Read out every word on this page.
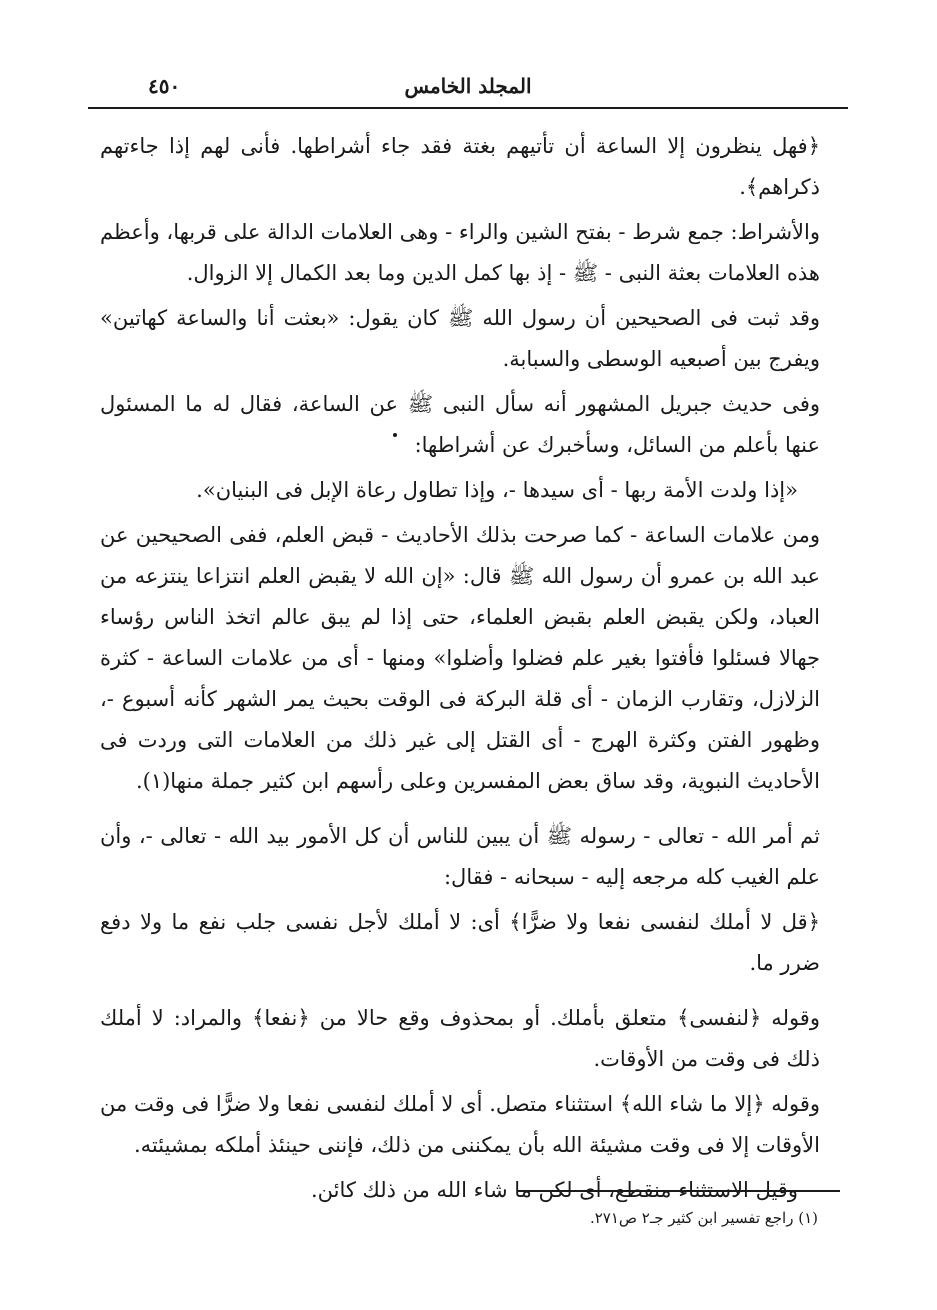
المجلد الخامس
٤٥٠

﴿فهل ينظرون إلا الساعة أن تأتيهم بغتة فقد جاء أشراطها. فأنى لهم إذا جاءتهم ذكراهم﴾.

والأشراط: جمع شرط - بفتح الشين والراء - وهى العلامات الدالة على قربها، وأعظم هذه العلامات بعثة النبى - ﷺ - إذ بها كمل الدين وما بعد الكمال إلا الزوال.

وقد ثبت فى الصحيحين أن رسول الله ﷺ كان يقول: «بعثت أنا والساعة كهاتين» ويفرج بين أصبعيه الوسطى والسبابة.

وفى حديث جبريل المشهور أنه سأل النبى ﷺ عن الساعة، فقال له ما المسئول عنها بأعلم من السائل، وسأخبرك عن أشراطها:

«إذا ولدت الأمة ربها - أى سيدها -، وإذا تطاول رعاة الإبل فى البنيان».

ومن علامات الساعة - كما صرحت بذلك الأحاديث - قبض العلم، ففى الصحيحين عن عبد الله بن عمرو أن رسول الله ﷺ قال: «إن الله لا يقبض العلم انتزاعا ينتزعه من العباد، ولكن يقبض العلم بقبض العلماء، حتى إذا لم يبق عالم اتخذ الناس رؤساء جهالا فسئلوا فأفتوا بغير علم فضلوا وأضلوا» ومنها - أى من علامات الساعة - كثرة الزلازل، وتقارب الزمان - أى قلة البركة فى الوقت بحيث يمر الشهر كأنه أسبوع -، وظهور الفتن وكثرة الهرج - أى القتل إلى غير ذلك من العلامات التى وردت فى الأحاديث النبوية، وقد ساق بعض المفسرين وعلى رأسهم ابن كثير جملة منها(١).

ثم أمر الله - تعالى - رسوله ﷺ أن يبين للناس أن كل الأمور بيد الله - تعالى -، وأن علم الغيب كله مرجعه إليه - سبحانه - فقال:

﴿قل لا أملك لنفسى نفعا ولا ضرًّا﴾ أى: لا أملك لأجل نفسى جلب نفع ما ولا دفع ضرر ما.

وقوله ﴿لنفسى﴾ متعلق بأملك. أو بمحذوف وقع حالا من ﴿نفعا﴾ والمراد: لا أملك ذلك فى وقت من الأوقات.

وقوله ﴿إلا ما شاء الله﴾ استثناء متصل. أى لا أملك لنفسى نفعا ولا ضرًّا فى وقت من الأوقات إلا فى وقت مشيئة الله بأن يمكننى من ذلك، فإننى حينئذ أملكه بمشيئته.

وقيل الاستثناء منقطع، أى لكن ما شاء الله من ذلك كائن.

(١) راجع تفسير ابن كثير جـ٢ ص٢٧١.
